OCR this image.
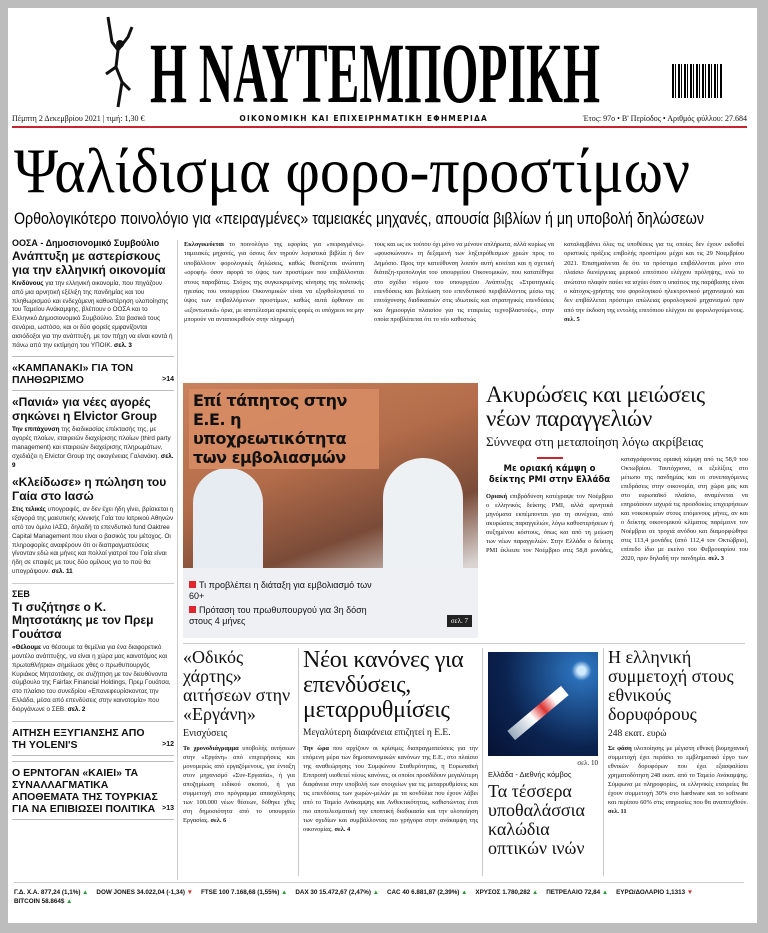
Η ΝΑΥΤΕΜΠΟΡΙΚΗ
Πέμπτη 2 Δεκεμβρίου 2021 | τιμή: 1,30 €	ΟΙΚΟΝΟΜΙΚΗ ΚΑΙ ΕΠΙΧΕΙΡΗΜΑΤΙΚΗ ΕΦΗΜΕΡΙΔΑ	Έτος: 97ο • Β' Περίοδος • Αριθμός φύλλου: 27.684
Ψαλίδισμα φορο-προστίμων
Ορθολογικότερο ποινολόγιο για «πειραγμένες» ταμειακές μηχανές, απουσία βιβλίων ή μη υποβολή δηλώσεων
ΟΟΣΑ - Δημοσιονομικό Συμβούλιο
Ανάπτυξη με αστερίσκους για την ελληνική οικονομία
Κινδύνους για την ελληνική οικονομία, που πηγάζουν από μια αρνητική εξέλιξη της πανδημίας και του πληθωρισμού και ενδεχόμενη καθυστέρηση υλοποίησης του Ταμείου Ανάκαμψης, βλέπουν ο ΟΟΣΑ και το Ελληνικό Δημοσιονομικό Συμβούλιο. Στα βασικά τους σενάρια, ωστόσο, και οι δύο φορείς εμφανίζονται αισιόδοξοι για την ανάπτυξη, με τον πήχη να είναι κοντά ή πάνω από την εκτίμηση του ΥΠΟΙΚ. σελ. 3
«ΚΑΜΠΑΝΑΚΙ» ΓΙΑ ΤΟΝ ΠΛΗΘΩΡΙΣΜΟ	>14
«Πανιά» για νέες αγορές σηκώνει η Elvictor Group
Την επιτάχυνση της διαδικασίας επέκτασής της, με αγορές πλοίων, εταιρειών διαχείρισης πλοίων (third party management) και εταιρειών διαχείρισης πληρωμάτων, σχεδιάζει η Elvictor Group της οικογένειας Γαλανάκη. σελ. 9
«Κλείδωσε» η πώληση του Γαία στο Ιασώ
Στις τελικές υπογραφές, αν δεν έχει ήδη γίνει, βρίσκεται η εξαγορά της μαιευτικής κλινικής Γαία του Ιατρικού Αθηνών από τον όμιλο ΙΑΣΩ, δηλαδή το επενδυτικό fund Oaktree Capital Management που είναι ο βασικός του μέτοχος. Οι πληροφορίες αναφέρουν ότι οι διαπραγματεύσεις γίνονταν εδώ και μήνες και πολλοί γιατροί του Γαία είναι ήδη σε επαφές με τους δύο ομίλους για το πού θα υπογράψουν. σελ. 11
ΣΕΒ
Τι συζήτησε ο Κ. Μητσοτάκης με τον Πρεμ Γουάτσα
«Θέλουμε να θέσουμε τα θεμέλια για ένα διαφορετικό μοντέλο ανάπτυξης, να είναι η χώρα μας καινοτόμος και πρωταθλήτρια» σημείωσε χθες ο πρωθυπουργός Κυριάκος Μητσοτάκης, σε συζήτηση με τον διευθύνοντα σύμβουλο της Fairfax Financial Holdings, Πρεμ Γουάτσα, στο πλαίσιο του συνεδρίου «Επανεφευρίσκοντας την Ελλάδα, μέσα από επενδύσεις στην καινοτομία» που διοργάνωνε ο ΣΕΒ. σελ. 2
ΑΙΤΗΣΗ ΕΞΥΓΙΑΝΣΗΣ ΑΠΟ ΤΗ YOLENI'S	>12
Ο ΕΡΝΤΟΓΑΝ «ΚΑΙΕΙ» ΤΑ ΣΥΝΑΛΛΑΓΜΑΤΙΚΑ ΑΠΟΘΕΜΑΤΑ ΤΗΣ ΤΟΥΡΚΙΑΣ ΓΙΑ ΝΑ ΕΠΙΒΙΩΣΕΙ ΠΟΛΙΤΙΚΑ >13

Εκλογικεύεται το ποινολόγιο της εφορίας για «πειραγμένες» ταμειακές μηχανές, για όσους δεν τηρούν λογιστικά βιβλία ή δεν υποβάλλουν φορολογικές δηλώσεις, καθώς θεσπίζεται ανώτατη «οροφή» όσον αφορά το ύψος των προστίμων που επιβάλλονται στους παραβάτες. Στόχος της συγκεκριμένης κίνησης της πολιτικής ηγεσίας του υπουργείου Οικονομικών είναι να εξορθολογιστεί το ύψος των επιβαλλόμενων προστίμων, καθώς αυτά έφθαναν σε «εξοντωτικά» όρια, με αποτέλεσμα αρκετές φορές οι υπόχρεοι να μην μπορούν να ανταποκριθούν στην πληρωμή

τους και ως εκ τούτου όχι μόνο να μένουν απλήρωτα, αλλά κυρίως να «φουσκώνουν» τη δεξαμενή των ληξιπρόθεσμων χρεών προς το Δημόσιο. Προς την κατεύθυνση λοιπόν αυτή κινείται και η σχετική διάταξη-τροπολογία του υπουργείου Οικονομικών, που κατατέθηκε στο σχέδιο νόμου του υπουργείου Ανάπτυξης «Στρατηγικές επενδύσεις και βελτίωση του επενδυτικού περιβάλλοντος μέσω της επιτάχυνσης διαδικασιών στις ιδιωτικές και στρατηγικές επενδύσεις και δημιουργία πλαισίου για τις εταιρείες τεχνοβλαστούς», στην οποία προβλέπεται ότι το νέο καθεστώς

καταλαμβάνει όλες τις υποθέσεις για τις οποίες δεν έχουν εκδοθεί οριστικές πράξεις επιβολής προστίμου μέχρι και τις 29 Νοεμβρίου 2021. Επισημαίνεται δε ότι τα πρόστιμα επιβάλλονται μόνο στο πλαίσιο διενέργειας μερικού επιτόπιου ελέγχου πρόληψης, ενώ το ανώτατο πλαφόν παύει να ισχύει όταν ο υπαίτιος της παράβασης είναι ο κάτοχος-χρήστης του φορολογικού ηλεκτρονικού μηχανισμού και δεν επιβάλλεται πρόστιμο απώλειας φορολογικού μηχανισμού πριν από την έκδοση της εντολής επιτόπιου ελέγχου σε φορολογούμενους. σελ. 5

Επί τάπητος στην Ε.Ε. η υποχρεωτικότητα των εμβολιασμών
Τι προβλέπει η διάταξη για εμβολιασμό των 60+
Πρόταση του πρωθυπουργού για 3η δόση στους 4 μήνες	σελ. 7
Ακυρώσεις και μειώσεις νέων παραγγελιών
Σύννεφα στη μεταποίηση λόγω ακρίβειας
Με οριακή κάμψη ο δείκτης PMI στην Ελλάδα
Οριακή επιβράδυνση κατέγραψε τον Νοέμβριο ο ελληνικός δείκτης PMI, αλλά αρνητικά μηνύματα εκπέμπονται για τη συνέχεια, από ακυρώσεις παραγγελιών, λόγω καθυστερήσεων ή αυξημένου κόστους, όπως και από τη μείωση των νέων παραγγελιών. Στην Ελλάδα ο δείκτης PMI έκλεισε τον Νοέμβριο στις 58,8 μονάδες, καταγράφοντας οριακή κάμψη από τις 58,9 του Οκτωβρίου. Ταυτόχρονα, οι εξελίξεις στο μέτωπο της πανδημίας και οι συνεπαγόμενες επιδράσεις στην οικονομία, στη χώρα μας και στο ευρωπαϊκό πλαίσιο, αναμένεται να επηρεάσουν ισχυρά τις προσδοκίες επιχειρήσεων και νοικοκυριών στους επόμενους μήνες, αν και ο δείκτης οικονομικού κλίματος παρέμεινε τον Νοέμβριο σε τροχιά ανόδου και διαμορφώθηκε στις 113,4 μονάδες (από 112,4 τον Οκτώβριο), επίπεδο ίδιο με εκείνο του Φεβρουαρίου του 2020, πριν δηλαδή την πανδημία. σελ. 3
«Οδικός χάρτης» αιτήσεων στην «Εργάνη»
Ενισχύσεις
Το χρονοδιάγραμμα υποβολής αιτήσεων στην «Εργάνη» από επιχειρήσεις και μονομερώς από εργαζόμενους, για ένταξη στον μηχανισμό «Συν-Εργασία», ή για αποζημίωση ειδικού σκοπού, ή για συμμετοχή στο πρόγραμμα απασχόλησης των 100.000 νέων θέσεων, δόθηκε χθες στη δημοσιότητα από το υπουργείο Εργασίας. σελ. 6
Νέοι κανόνες για επενδύσεις, μεταρρυθμίσεις
Μεγαλύτερη διαφάνεια επιζητεί η Ε.Ε.
Την ώρα που αρχίζουν οι κρίσιμες διαπραγματεύσεις για την επόμενη μέρα των δημοσιονομικών κανόνων της Ε.Ε., στο πλαίσιο της αναθεώρησης του Συμφώνου Σταθερότητας, η Ευρωπαϊκή Επιτροπή υιοθετεί νέους κανόνες, οι οποίοι προσδίδουν μεγαλύτερη διαφάνεια στην υποβολή των στοιχείων για τις μεταρρυθμίσεις και τις επενδύσεις των χωρών-μελών με τα κονδύλια που έχουν λάβει από το Ταμείο Ανάκαμψης και Ανθεκτικότητας, καθιστώντας έτσι πιο αποτελεσματική την εποπτική διαδικασία και την υλοποίηση των σχεδίων και συμβάλλοντας πιο γρήγορα στην ανάκαμψη της οικονομίας. σελ. 4
σελ. 10
Ελλάδα - Διεθνής κόμβος
Τα τέσσερα υποθαλάσσια καλώδια οπτικών ινών
Η ελληνική συμμετοχή στους εθνικούς δορυφόρους
248 εκατ. ευρώ
Σε φάση υλοποίησης με μέγιστη εθνική βιομηχανική συμμετοχή έχει περάσει το εμβληματικό έργο των εθνικών δορυφόρων που έχει εξασφαλίσει χρηματοδότηση 248 εκατ. από το Ταμείο Ανάκαμψης. Σύμφωνα με πληροφορίες, οι ελληνικές εταιρείες θα έχουν συμμετοχή 30% στο hardware και το software και περίπου 60% στις υπηρεσίες που θα αναπτυχθούν. σελ. 11
Γ.Δ. Χ.Α. 877,24 (1,1%) ▲ DOW JONES 34.022,04 (-1,34) ▼ FTSE 100 7.168,68 (1,55%) ▲ DAX 30 15.472,67 (2,47%) ▲ CAC 40 6.881,87 (2,39%) ▲ ΧΡΥΣΟΣ 1.780,282 ▲ ΠΕΤΡΕΛΑΙΟ 72,84 ▲ ΕΥΡΩ/ΔΟΛΑΡΙΟ 1,1313 ▼
BITCOIN 58.864$ ▲
